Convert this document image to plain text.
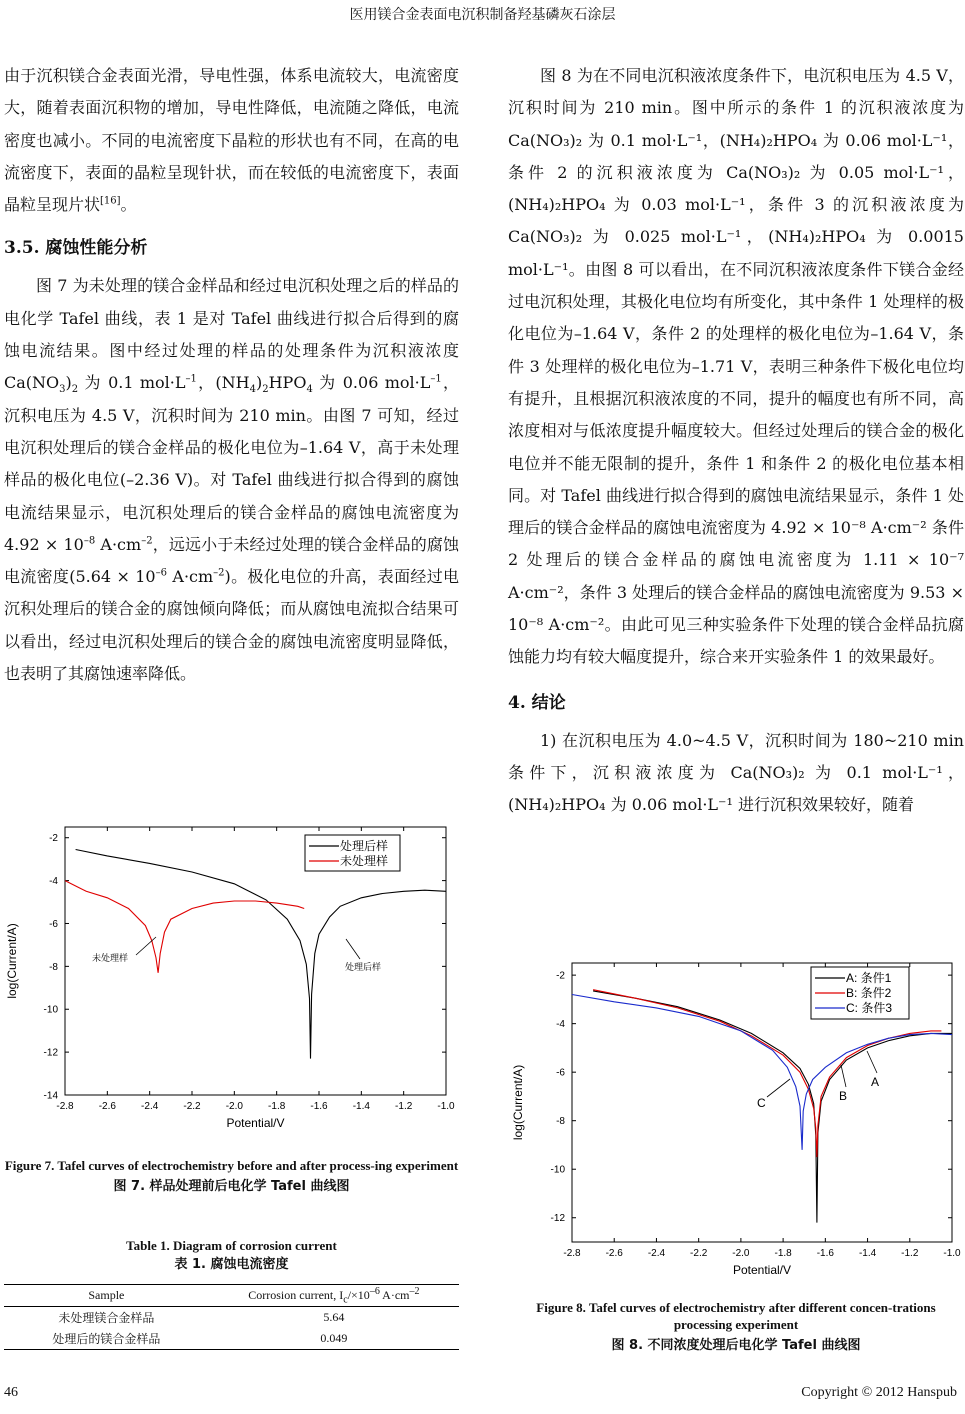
医用镁合金表面电沉积制备羟基磷灰石涂层

由于沉积镁合金表面光滑，导电性强，体系电流较大，电流密度大，随着表面沉积物的增加，导电性降低，电流随之降低，电流密度也减小。不同的电流密度下晶粒的形状也有不同，在高的电流密度下，表面的晶粒呈现针状，而在较低的电流密度下，表面晶粒呈现片状[16]。

3.5. 腐蚀性能分析

图 7 为未处理的镁合金样品和经过电沉积处理之后的样品的电化学 Tafel 曲线，表 1 是对 Tafel 曲线进行拟合后得到的腐蚀电流结果。图中经过处理的样品的处理条件为沉积液浓度 $Ca(NO_3)_2$ 为 0.1 $mol\cdot L^{-1}$，$(NH_4)_2HPO_4$ 为 0.06 $mol\cdot L^{-1}$，沉积电压为 4.5 V，沉积时间为 210 min。由图 7 可知，经过电沉积处理后的镁合金样品的极化电位为–1.64 V，高于未处理样品的极化电位(–2.36 V)。对 Tafel 曲线进行拟合得到的腐蚀电流结果显示，电沉积处理后的镁合金样品的腐蚀电流密度为 $4.92 \times 10^{-8}$ $A\cdot cm^{-2}$，远远小于未经过处理的镁合金样品的腐蚀电流密度($5.64 \times 10^{-6}$ $A\cdot cm^{-2}$)。极化电位的升高，表面经过电沉积处理后的镁合金的腐蚀倾向降低；而从腐蚀电流拟合结果可以看出，经过电沉积处理后的镁合金的腐蚀电流密度明显降低，也表明了其腐蚀速率降低。

-2.8	-2.6	-2.4	-2.2	-2.0	-1.8	-1.6	-1.4	-1.2	-1.0
-2
-4
-6
-8
-10
-12
-14
Potential/V
log(Current/A)
处理后样
未处理样
未处理样
处理后样
Figure 7. Tafel curves of electrochemistry before and after process-ing experiment
图 7. 样品处理前后电化学 Tafel 曲线图
Table 1. Diagram of corrosion current
表 1. 腐蚀电流密度
Sample	Corrosion current, $I_c/\times 10^{-6}$ $A\cdot cm^{-2}$
未处理镁合金样品	5.64
处理后的镁合金样品	0.049

图 8 为在不同电沉积液浓度条件下，电沉积电压为 4.5 V，沉积时间为 210 min。图中所示的条件 1 的沉积液浓度为 Ca(NO₃)₂ 为 0.1 mol·L⁻¹，(NH₄)₂HPO₄ 为 0.06 mol·L⁻¹，条件 2 的沉积液浓度为 Ca(NO₃)₂ 为 0.05 mol·L⁻¹，(NH₄)₂HPO₄ 为 0.03 mol·L⁻¹，条件 3 的沉积液浓度为 Ca(NO₃)₂ 为 0.025 mol·L⁻¹，(NH₄)₂HPO₄ 为 0.0015 mol·L⁻¹。由图 8 可以看出，在不同沉积液浓度条件下镁合金经过电沉积处理，其极化电位均有所变化，其中条件 1 处理样的极化电位为–1.64 V，条件 2 的处理样的极化电位为–1.64 V，条件 3 处理样的极化电位为–1.71 V，表明三种条件下极化电位均有提升，且根据沉积液浓度的不同，提升的幅度也有所不同，高浓度相对与低浓度提升幅度较大。但经过处理后的镁合金的极化电位并不能无限制的提升，条件 1 和条件 2 的极化电位基本相同。对 Tafel 曲线进行拟合得到的腐蚀电流结果显示，条件 1 处理后的镁合金样品的腐蚀电流密度为 4.92 × 10⁻⁸ A·cm⁻² 条件 2 处理后的镁合金样品的腐蚀电流密度为 1.11 × 10⁻⁷ A·cm⁻²，条件 3 处理后的镁合金样品的腐蚀电流密度为 9.53 × 10⁻⁸ A·cm⁻²。由此可见三种实验条件下处理的镁合金样品抗腐蚀能力均有较大幅度提升，综合来开实验条件 1 的效果最好。

4. 结论

1) 在沉积电压为 4.0~4.5 V，沉积时间为 180~210 min 条件下，沉积液浓度为 Ca(NO₃)₂ 为 0.1 mol·L⁻¹，(NH₄)₂HPO₄ 为 0.06 mol·L⁻¹ 进行沉积效果较好，随着

-2.8 -2.6 -2.4 -2.2 -2.0 -1.8 -1.6 -1.4 -1.2 -1.0
-2
-4
-6
-8
-10
-12
Potential/V
log(Current/A)
A: 条件1
B: 条件2
C: 条件3
A
B
C
Figure 8. Tafel curves of electrochemistry after different concen-trations processing experiment
图 8. 不同浓度处理后电化学 Tafel 曲线图
46	Copyright © 2012 Hanspub
